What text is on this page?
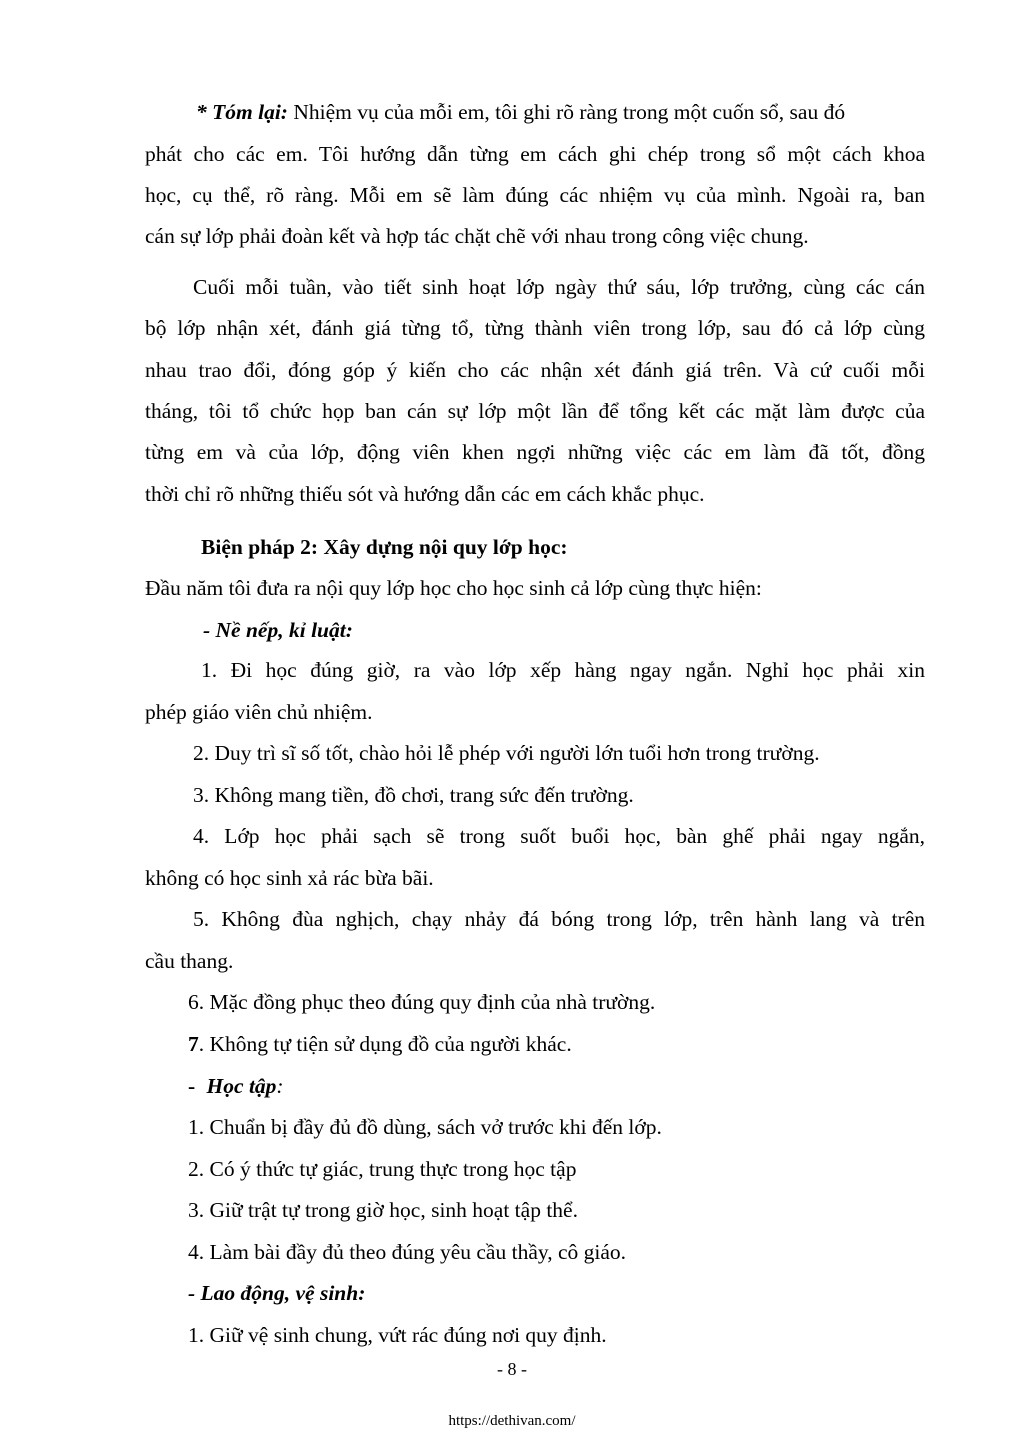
* Tóm lại: Nhiệm vụ của mỗi em, tôi ghi rõ ràng trong một cuốn sổ, sau đó
phát cho các em. Tôi hướng dẫn từng em cách ghi chép trong sổ một cách khoa
học, cụ thể, rõ ràng. Mỗi em sẽ làm đúng các nhiệm vụ của mình. Ngoài ra, ban
cán sự lớp phải đoàn kết và hợp tác chặt chẽ với nhau trong công việc chung.
Cuối mỗi tuần, vào tiết sinh hoạt lớp ngày thứ sáu, lớp trưởng, cùng các cán
bộ lớp nhận xét, đánh giá từng tổ, từng thành viên trong lớp, sau đó cả lớp cùng
nhau trao đổi, đóng góp ý kiến cho các nhận xét đánh giá trên. Và cứ cuối mỗi
tháng, tôi tổ chức họp ban cán sự lớp một lần để tổng kết các mặt làm được của
từng em và của lớp, động viên khen ngợi những việc các em làm đã tốt, đồng
thời chỉ rõ những thiếu sót và hướng dẫn các em cách khắc phục.
Biện pháp 2: Xây dựng nội quy lớp học:
Đầu năm tôi đưa ra nội quy lớp học cho học sinh cả lớp cùng thực hiện:
- Nề nếp, kỉ luật:
1. Đi học đúng giờ, ra vào lớp xếp hàng ngay ngắn. Nghỉ học phải xin
phép giáo viên chủ nhiệm.
2. Duy trì sĩ số tốt, chào hỏi lễ phép với người lớn tuổi hơn trong trường.
3. Không mang tiền, đồ chơi, trang sức đến trường.
4. Lớp học phải sạch sẽ trong suốt buổi học, bàn ghế phải ngay ngắn,
không có học sinh xả rác bừa bãi.
5. Không đùa nghịch, chạy nhảy đá bóng trong lớp, trên hành lang và trên
cầu thang.
6. Mặc đồng phục theo đúng quy định của nhà trường.
7. Không tự tiện sử dụng đồ của người khác.
- Học tập:
1. Chuẩn bị đầy đủ đồ dùng, sách vở trước khi đến lớp.
2. Có ý thức tự giác, trung thực trong học tập
3. Giữ trật tự trong giờ học, sinh hoạt tập thể.
4. Làm bài đầy đủ theo đúng yêu cầu thầy, cô giáo.
- Lao động, vệ sinh:
1. Giữ vệ sinh chung, vứt rác đúng nơi quy định.
- 8 -
https://dethivan.com/
